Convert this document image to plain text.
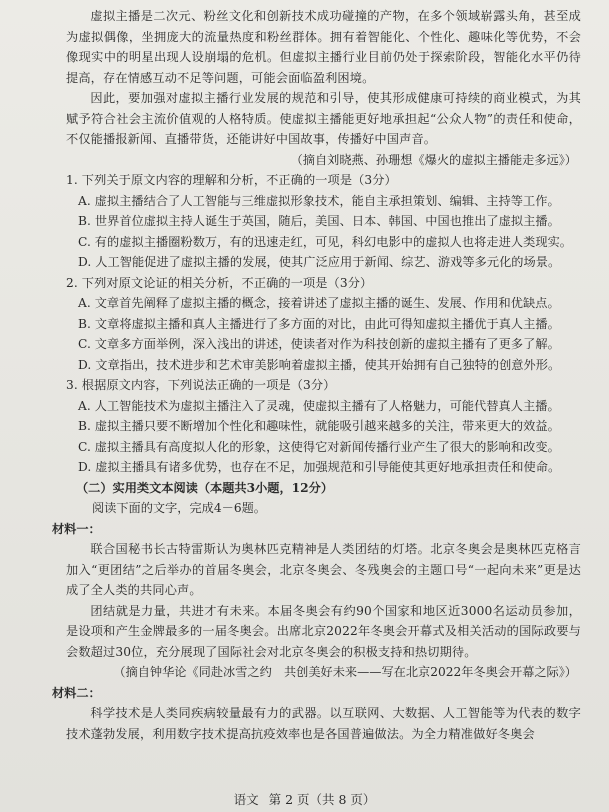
虚拟主播是二次元、粉丝文化和创新技术成功碰撞的产物，在多个领域崭露头角，甚至成为虚拟偶像，坐拥庞大的流量热度和粉丝群体。拥有着智能化、个性化、趣味化等优势，不会像现实中的明星出现人设崩塌的危机。但虚拟主播行业目前仍处于探索阶段，智能化水平仍待提高，存在情感互动不足等问题，可能会面临盈利困境。

因此，要加强对虚拟主播行业发展的规范和引导，使其形成健康可持续的商业模式，为其赋予符合社会主流价值观的人格特质。使虚拟主播能更好地承担起“公众人物”的责任和使命，不仅能播报新闻、直播带货，还能讲好中国故事，传播好中国声音。

（摘自刘晓燕、孙珊想《爆火的虚拟主播能走多远》）

1. 下列关于原文内容的理解和分析，不正确的一项是（3分）

A. 虚拟主播结合了人工智能与三维虚拟形象技术，能自主承担策划、编辑、主持等工作。

B. 世界首位虚拟主持人诞生于英国，随后，美国、日本、韩国、中国也推出了虚拟主播。

C. 有的虚拟主播圈粉数万，有的迅速走红，可见，科幻电影中的虚拟人也将走进人类现实。

D. 人工智能促进了虚拟主播的发展，使其广泛应用于新闻、综艺、游戏等多元化的场景。

2. 下列对原文论证的相关分析，不正确的一项是（3分）

A. 文章首先阐释了虚拟主播的概念，接着讲述了虚拟主播的诞生、发展、作用和优缺点。

B. 文章将虚拟主播和真人主播进行了多方面的对比，由此可得知虚拟主播优于真人主播。

C. 文章多方面举例，深入浅出的讲述，使读者对作为科技创新的虚拟主播有了更多了解。

D. 文章指出，技术进步和艺术审美影响着虚拟主播，使其开始拥有自己独特的创意外形。

3. 根据原文内容，下列说法正确的一项是（3分）

A. 人工智能技术为虚拟主播注入了灵魂，使虚拟主播有了人格魅力，可能代替真人主播。

B. 虚拟主播只要不断增加个性化和趣味性，就能吸引越来越多的关注，带来更大的效益。

C. 虚拟主播具有高度拟人化的形象，这使得它对新闻传播行业产生了很大的影响和改变。

D. 虚拟主播具有诸多优势，也存在不足，加强规范和引导能使其更好地承担责任和使命。

（二）实用类文本阅读（本题共3小题，12分）

阅读下面的文字，完成4－6题。

材料一：

联合国秘书长古特雷斯认为奥林匹克精神是人类团结的灯塔。北京冬奥会是奥林匹克格言加入“更团结”之后举办的首届冬奥会，北京冬奥会、冬残奥会的主题口号“一起向未来”更是达成了全人类的共同心声。

团结就是力量，共进才有未来。本届冬奥会有约90个国家和地区近3000名运动员参加，是设项和产生金牌最多的一届冬奥会。出席北京2022年冬奥会开幕式及相关活动的国际政要与会数超过30位，充分展现了国际社会对北京冬奥会的积极支持和热切期待。

（摘自钟华论《同赴冰雪之约　共创美好未来——写在北京2022年冬奥会开幕之际》）

材料二：

科学技术是人类同疾病较量最有力的武器。以互联网、大数据、人工智能等为代表的数字技术蓬勃发展，利用数字技术提高抗疫效率也是各国普遍做法。为全力精准做好冬奥会

语文 第 2 页（共 8 页）
